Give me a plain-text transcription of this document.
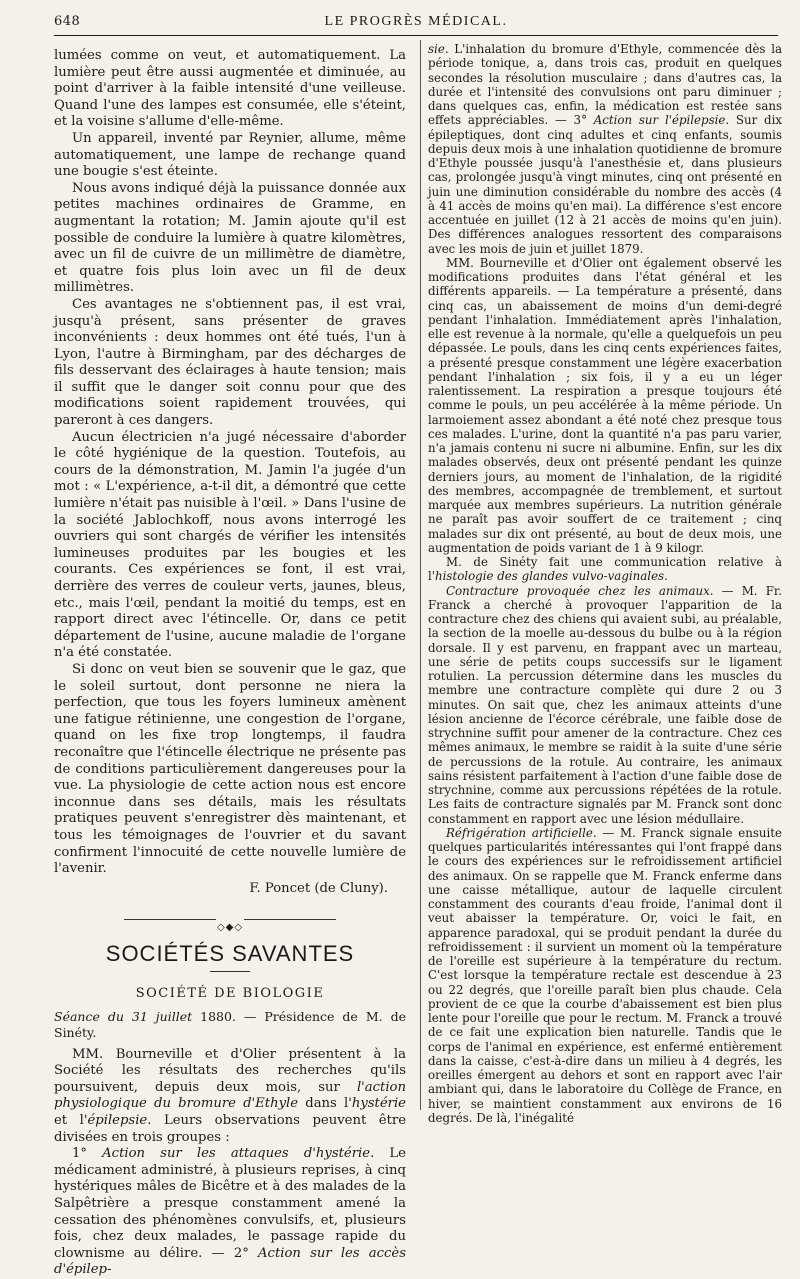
648	LE PROGRÈS MÉDICAL.

lumées comme on veut, et automatiquement. La lumière peut être aussi augmentée et diminuée, au point d'arriver à la faible intensité d'une veilleuse. Quand l'une des lampes est consumée, elle s'éteint, et la voisine s'allume d'elle-même.

Un appareil, inventé par Reynier, allume, même automatiquement, une lampe de rechange quand une bougie s'est éteinte.

Nous avons indiqué déjà la puissance donnée aux petites machines ordinaires de Gramme, en augmentant la rotation; M. Jamin ajoute qu'il est possible de conduire la lumière à quatre kilomètres, avec un fil de cuivre de un millimètre de diamètre, et quatre fois plus loin avec un fil de deux millimètres.

Ces avantages ne s'obtiennent pas, il est vrai, jusqu'à présent, sans présenter de graves inconvénients : deux hommes ont été tués, l'un à Lyon, l'autre à Birmingham, par des décharges de fils desservant des éclairages à haute tension; mais il suffit que le danger soit connu pour que des modifications soient rapidement trouvées, qui pareront à ces dangers.

Aucun électricien n'a jugé nécessaire d'aborder le côté hygiénique de la question. Toutefois, au cours de la démonstration, M. Jamin l'a jugée d'un mot : « L'expérience, a-t-il dit, a démontré que cette lumière n'était pas nuisible à l'œil. » Dans l'usine de la société Jablochkoff, nous avons interrogé les ouvriers qui sont chargés de vérifier les intensités lumineuses produites par les bougies et les courants. Ces expériences se font, il est vrai, derrière des verres de couleur verts, jaunes, bleus, etc., mais l'œil, pendant la moitié du temps, est en rapport direct avec l'étincelle. Or, dans ce petit département de l'usine, aucune maladie de l'organe n'a été constatée.

Si donc on veut bien se souvenir que le gaz, que le soleil surtout, dont personne ne niera la perfection, que tous les foyers lumineux amènent une fatigue rétinienne, une congestion de l'organe, quand on les fixe trop longtemps, il faudra reconaître que l'étincelle électrique ne présente pas de conditions particulièrement dangereuses pour la vue. La physiologie de cette action nous est encore inconnue dans ses détails, mais les résultats pratiques peuvent s'enregistrer dès maintenant, et tous les témoignages de l'ouvrier et du savant confirment l'innocuité de cette nouvelle lumière de l'avenir.

F. Poncet (de Cluny).
◇◆◇
SOCIÉTÉS SAVANTES
SOCIÉTÉ DE BIOLOGIE
Séance du 31 juillet 1880. — Présidence de M. de Sinéty.

MM. Bourneville et d'Olier présentent à la Société les résultats des recherches qu'ils poursuivent, depuis deux mois, sur l'action physiologique du bromure d'Ethyle dans l'hystérie et l'épilepsie. Leurs observations peuvent être divisées en trois groupes :

1° Action sur les attaques d'hystérie. Le médicament administré, à plusieurs reprises, à cinq hystériques mâles de Bicêtre et à des malades de la Salpêtrière a presque constamment amené la cessation des phénomènes convulsifs, et, plusieurs fois, chez deux malades, le passage rapide du clownisme au délire. — 2° Action sur les accès d'épilep-

sie. L'inhalation du bromure d'Ethyle, commencée dès la période tonique, a, dans trois cas, produit en quelques secondes la résolution musculaire ; dans d'autres cas, la durée et l'intensité des convulsions ont paru diminuer ; dans quelques cas, enfin, la médication est restée sans effets appréciables. — 3° Action sur l'épilepsie. Sur dix épileptiques, dont cinq adultes et cinq enfants, soumis depuis deux mois à une inhalation quotidienne de bromure d'Ethyle poussée jusqu'à l'anesthésie et, dans plusieurs cas, prolongée jusqu'à vingt minutes, cinq ont présenté en juin une diminution considérable du nombre des accès (4 à 41 accès de moins qu'en mai). La différence s'est encore accentuée en juillet (12 à 21 accès de moins qu'en juin). Des différences analogues ressortent des comparaisons avec les mois de juin et juillet 1879.

MM. Bourneville et d'Olier ont également observé les modifications produites dans l'état général et les différents appareils. — La température a présenté, dans cinq cas, un abaissement de moins d'un demi-degré pendant l'inhalation. Immédiatement après l'inhalation, elle est revenue à la normale, qu'elle a quelquefois un peu dépassée. Le pouls, dans les cinq cents expériences faites, a présenté presque constamment une légère exacerbation pendant l'inhalation ; six fois, il y a eu un léger ralentissement. La respiration a presque toujours été comme le pouls, un peu accélérée à la même période. Un larmoiement assez abondant a été noté chez presque tous ces malades. L'urine, dont la quantité n'a pas paru varier, n'a jamais contenu ni sucre ni albumine. Enfin, sur les dix malades observés, deux ont présenté pendant les quinze derniers jours, au moment de l'inhalation, de la rigidité des membres, accompagnée de tremblement, et surtout marquée aux membres supérieurs. La nutrition générale ne paraît pas avoir souffert de ce traitement ; cinq malades sur dix ont présenté, au bout de deux mois, une augmentation de poids variant de 1 à 9 kilogr.

M. de Sinéty fait une communication relative à l'histologie des glandes vulvo-vaginales.

Contracture provoquée chez les animaux. — M. Fr. Franck a cherché à provoquer l'apparition de la contracture chez des chiens qui avaient subi, au préalable, la section de la moelle au-dessous du bulbe ou à la région dorsale. Il y est parvenu, en frappant avec un marteau, une série de petits coups successifs sur le ligament rotulien. La percussion détermine dans les muscles du membre une contracture complète qui dure 2 ou 3 minutes. On sait que, chez les animaux atteints d'une lésion ancienne de l'écorce cérébrale, une faible dose de strychnine suffit pour amener de la contracture. Chez ces mêmes animaux, le membre se raidit à la suite d'une série de percussions de la rotule. Au contraire, les animaux sains résistent parfaitement à l'action d'une faible dose de strychnine, comme aux percussions répétées de la rotule. Les faits de contracture signalés par M. Franck sont donc constamment en rapport avec une lésion médullaire.

Réfrigération artificielle. — M. Franck signale ensuite quelques particularités intéressantes qui l'ont frappé dans le cours des expériences sur le refroidissement artificiel des animaux. On se rappelle que M. Franck enferme dans une caisse métallique, autour de laquelle circulent constamment des courants d'eau froide, l'animal dont il veut abaisser la température. Or, voici le fait, en apparence paradoxal, qui se produit pendant la durée du refroidissement : il survient un moment où la température de l'oreille est supérieure à la température du rectum. C'est lorsque la température rectale est descendue à 23 ou 22 degrés, que l'oreille paraît bien plus chaude. Cela provient de ce que la courbe d'abaissement est bien plus lente pour l'oreille que pour le rectum. M. Franck a trouvé de ce fait une explication bien naturelle. Tandis que le corps de l'animal en expérience, est enfermé entièrement dans la caisse, c'est-à-dire dans un milieu à 4 degrés, les oreilles émergent au dehors et sont en rapport avec l'air ambiant qui, dans le laboratoire du Collège de France, en hiver, se maintient constamment aux environs de 16 degrés. De là, l'inégalité
